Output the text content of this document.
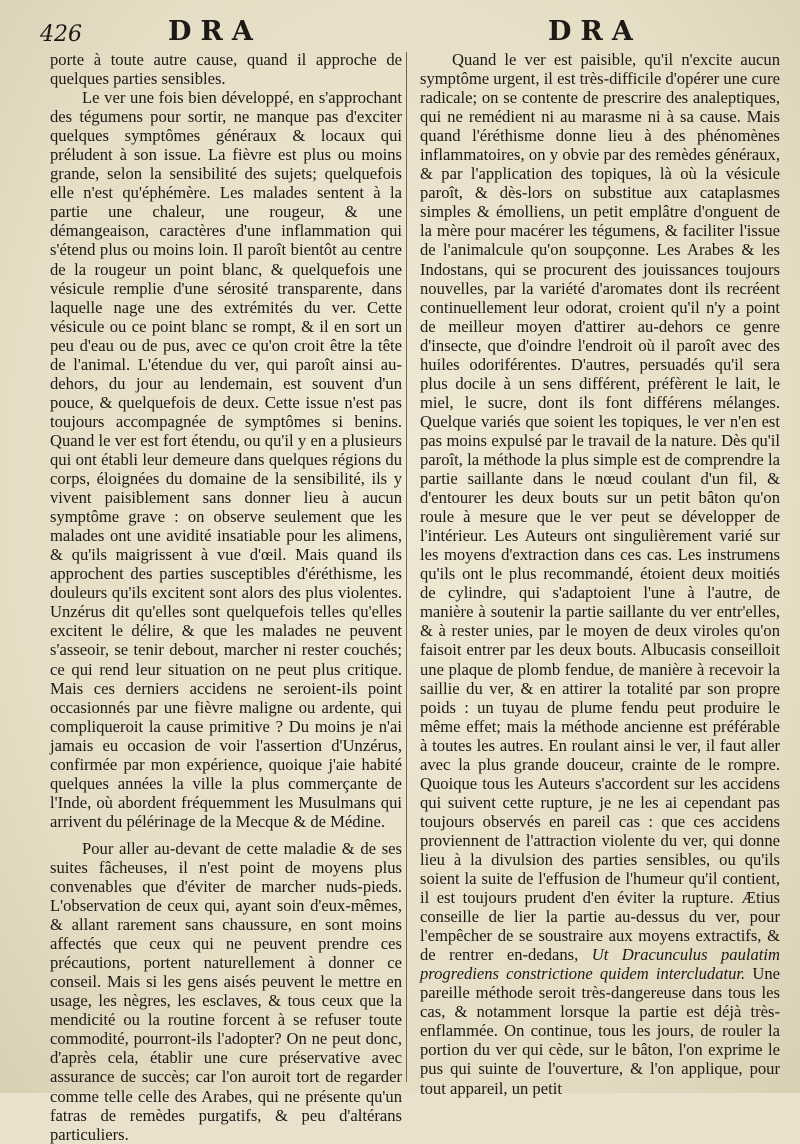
426	DRA	DRA

porte à toute autre cause, quand il approche de quelques parties sensibles.

Le ver une fois bien développé, en s'approchant des tégumens pour sortir, ne manque pas d'exciter quelques symptômes généraux & locaux qui préludent à son issue. La fièvre est plus ou moins grande, selon la sensibilité des sujets; quelquefois elle n'est qu'éphémère. Les malades sentent à la partie une chaleur, une rougeur, & une démangeaison, caractères d'une inflammation qui s'étend plus ou moins loin. Il paroît bientôt au centre de la rougeur un point blanc, & quelquefois une vésicule remplie d'une sérosité transparente, dans laquelle nage une des extrémités du ver. Cette vésicule ou ce point blanc se rompt, & il en sort un peu d'eau ou de pus, avec ce qu'on croit être la tête de l'animal. L'étendue du ver, qui paroît ainsi au-dehors, du jour au lendemain, est souvent d'un pouce, & quelquefois de deux. Cette issue n'est pas toujours accompagnée de symptômes si benins. Quand le ver est fort étendu, ou qu'il y en a plusieurs qui ont établi leur demeure dans quelques régions du corps, éloignées du domaine de la sensibilité, ils y vivent paisiblement sans donner lieu à aucun symptôme grave : on observe seulement que les malades ont une avidité insatiable pour les alimens, & qu'ils maigrissent à vue d'œil. Mais quand ils approchent des parties susceptibles d'éréthisme, les douleurs qu'ils excitent sont alors des plus violentes. Unzérus dit qu'elles sont quelquefois telles qu'elles excitent le délire, & que les malades ne peuvent s'asseoir, se tenir debout, marcher ni rester couchés; ce qui rend leur situation on ne peut plus critique. Mais ces derniers accidens ne seroient-ils point occasionnés par une fièvre maligne ou ardente, qui compliqueroit la cause primitive ? Du moins je n'ai jamais eu occasion de voir l'assertion d'Unzérus, confirmée par mon expérience, quoique j'aie habité quelques années la ville la plus commerçante de l'Inde, où abordent fréquemment les Musulmans qui arrivent du pélérinage de la Mecque & de Médine.

Pour aller au-devant de cette maladie & de ses suites fâcheuses, il n'est point de moyens plus convenables que d'éviter de marcher nuds-pieds. L'observation de ceux qui, ayant soin d'eux-mêmes, & allant rarement sans chaussure, en sont moins affectés que ceux qui ne peuvent prendre ces précautions, portent naturellement à donner ce conseil. Mais si les gens aisés peuvent le mettre en usage, les nègres, les esclaves, & tous ceux que la mendicité ou la routine forcent à se refuser toute commodité, pourront-ils l'adopter? On ne peut donc, d'après cela, établir une cure préservative avec assurance de succès; car l'on auroit tort de regarder comme telle celle des Arabes, qui ne présente qu'un fatras de remèdes purgatifs, & peu d'altérans particuliers.

Quand le ver est paisible, qu'il n'excite aucun symptôme urgent, il est très-difficile d'opérer une cure radicale; on se contente de prescrire des analeptiques, qui ne remédient ni au marasme ni à sa cause. Mais quand l'éréthisme donne lieu à des phénomènes inflammatoires, on y obvie par des remèdes généraux, & par l'application des topiques, là où la vésicule paroît, & dès-lors on substitue aux cataplasmes simples & émolliens, un petit emplâtre d'onguent de la mère pour macérer les tégumens, & faciliter l'issue de l'animalcule qu'on soupçonne. Les Arabes & les Indostans, qui se procurent des jouissances toujours nouvelles, par la variété d'aromates dont ils recréent continuellement leur odorat, croient qu'il n'y a point de meilleur moyen d'attirer au-dehors ce genre d'insecte, que d'oindre l'endroit où il paroît avec des huiles odoriférentes. D'autres, persuadés qu'il sera plus docile à un sens différent, préfèrent le lait, le miel, le sucre, dont ils font différens mélanges. Quelque variés que soient les topiques, le ver n'en est pas moins expulsé par le travail de la nature. Dès qu'il paroît, la méthode la plus simple est de comprendre la partie saillante dans le nœud coulant d'un fil, & d'entourer les deux bouts sur un petit bâton qu'on roule à mesure que le ver peut se développer de l'intérieur. Les Auteurs ont singulièrement varié sur les moyens d'extraction dans ces cas. Les instrumens qu'ils ont le plus recommandé, étoient deux moitiés de cylindre, qui s'adaptoient l'une à l'autre, de manière à soutenir la partie saillante du ver entr'elles, & à rester unies, par le moyen de deux viroles qu'on faisoit entrer par les deux bouts. Albucasis conseilloit une plaque de plomb fendue, de manière à recevoir la saillie du ver, & en attirer la totalité par son propre poids : un tuyau de plume fendu peut produire le même effet; mais la méthode ancienne est préférable à toutes les autres. En roulant ainsi le ver, il faut aller avec la plus grande douceur, crainte de le rompre. Quoique tous les Auteurs s'accordent sur les accidens qui suivent cette rupture, je ne les ai cependant pas toujours observés en pareil cas : que ces accidens proviennent de l'attraction violente du ver, qui donne lieu à la divulsion des parties sensibles, ou qu'ils soient la suite de l'effusion de l'humeur qu'il contient, il est toujours prudent d'en éviter la rupture. Ætius conseille de lier la partie au-dessus du ver, pour l'empêcher de se soustraire aux moyens extractifs, & de rentrer en-dedans, Ut Dracunculus paulatim progrediens constrictione quidem intercludatur. Une pareille méthode seroit très-dangereuse dans tous les cas, & notamment lorsque la partie est déjà très-enflammée. On continue, tous les jours, de rouler la portion du ver qui cède, sur le bâton, l'on exprime le pus qui suinte de l'ouverture, & l'on applique, pour tout appareil, un petit
